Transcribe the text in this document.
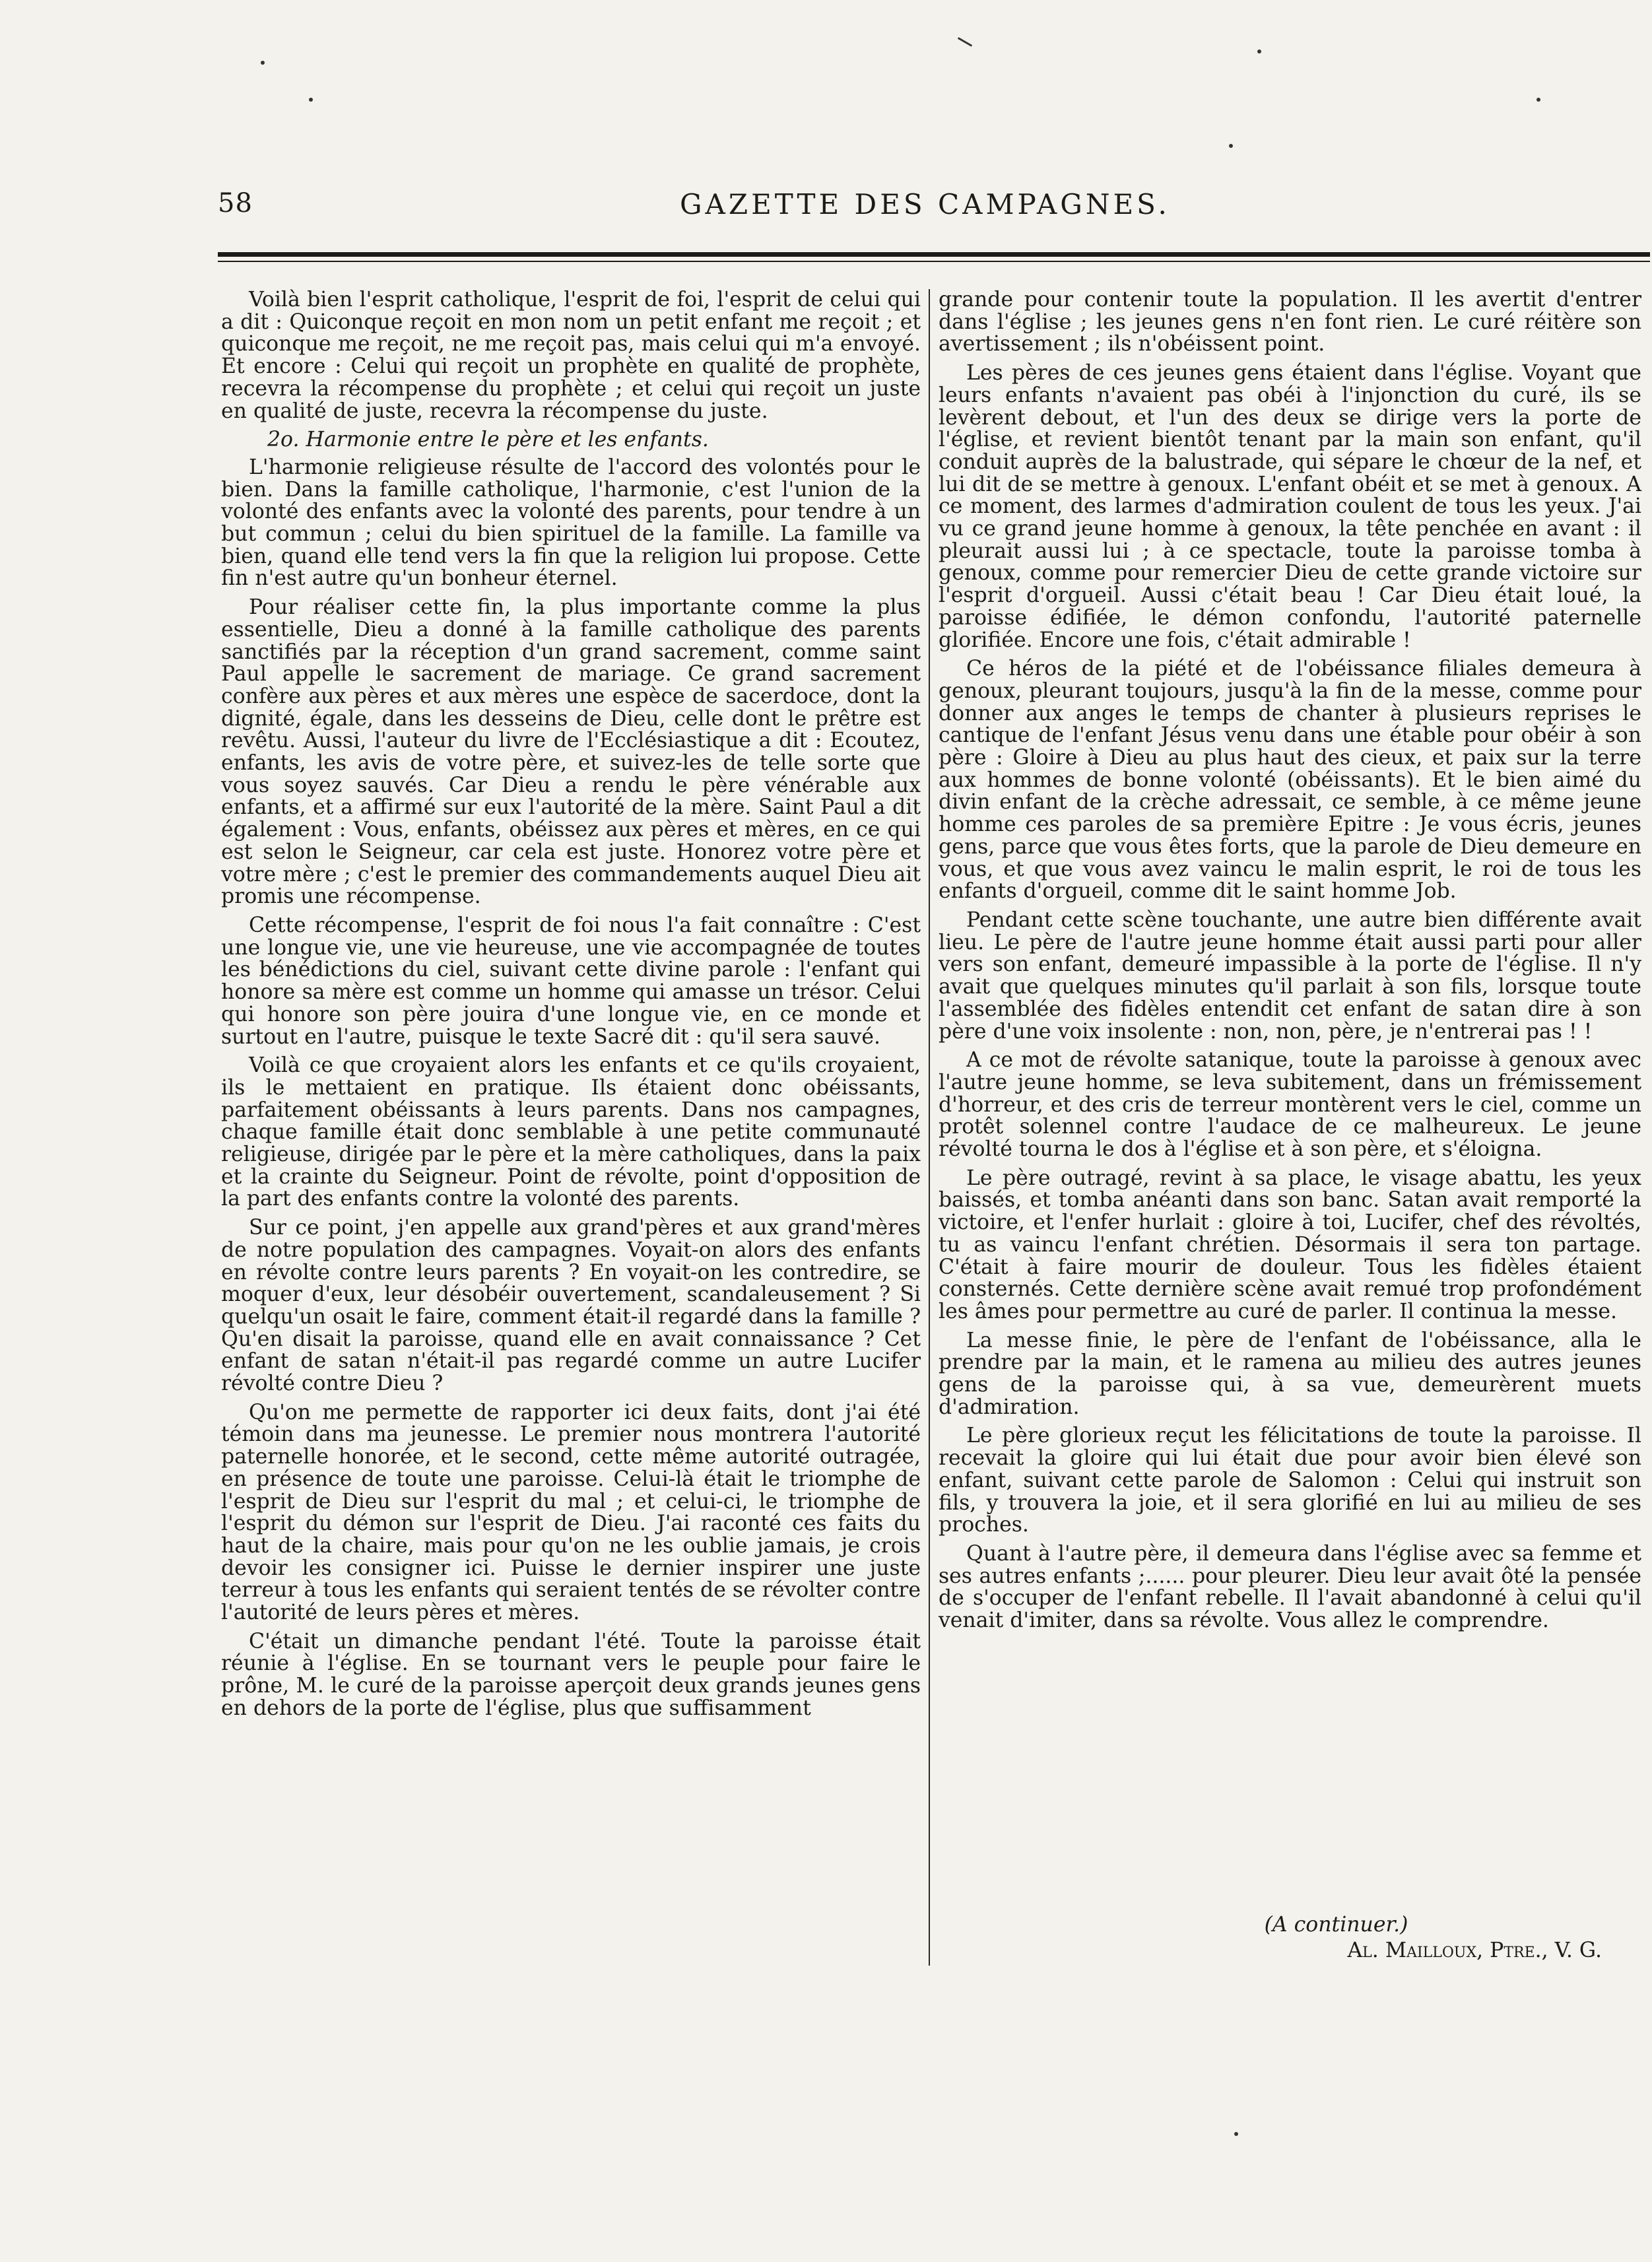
58	GAZETTE DES CAMPAGNES.

Voilà bien l'esprit catholique, l'esprit de foi, l'esprit de celui qui a dit : Quiconque reçoit en mon nom un petit enfant me reçoit ; et quiconque me reçoit, ne me reçoit pas, mais celui qui m'a envoyé. Et encore : Celui qui reçoit un prophète en qualité de prophète, recevra la récompense du prophète ; et celui qui reçoit un juste en qualité de juste, recevra la récompense du juste.

2o. Harmonie entre le père et les enfants.

L'harmonie religieuse résulte de l'accord des volontés pour le bien. Dans la famille catholique, l'harmonie, c'est l'union de la volonté des enfants avec la volonté des parents, pour tendre à un but commun ; celui du bien spirituel de la famille. La famille va bien, quand elle tend vers la fin que la religion lui propose. Cette fin n'est autre qu'un bonheur éternel.

Pour réaliser cette fin, la plus importante comme la plus essentielle, Dieu a donné à la famille catholique des parents sanctifiés par la réception d'un grand sacrement, comme saint Paul appelle le sacrement de mariage. Ce grand sacrement confère aux pères et aux mères une espèce de sacerdoce, dont la dignité, égale, dans les desseins de Dieu, celle dont le prêtre est revêtu. Aussi, l'auteur du livre de l'Ecclésiastique a dit : Ecoutez, enfants, les avis de votre père, et suivez-les de telle sorte que vous soyez sauvés. Car Dieu a rendu le père vénérable aux enfants, et a affirmé sur eux l'autorité de la mère. Saint Paul a dit également : Vous, enfants, obéissez aux pères et mères, en ce qui est selon le Seigneur, car cela est juste. Honorez votre père et votre mère ; c'est le premier des commandements auquel Dieu ait promis une récompense.

Cette récompense, l'esprit de foi nous l'a fait connaître : C'est une longue vie, une vie heureuse, une vie accompagnée de toutes les bénédictions du ciel, suivant cette divine parole : l'enfant qui honore sa mère est comme un homme qui amasse un trésor. Celui qui honore son père jouira d'une longue vie, en ce monde et surtout en l'autre, puisque le texte Sacré dit : qu'il sera sauvé.

Voilà ce que croyaient alors les enfants et ce qu'ils croyaient, ils le mettaient en pratique. Ils étaient donc obéissants, parfaitement obéissants à leurs parents. Dans nos campagnes, chaque famille était donc semblable à une petite communauté religieuse, dirigée par le père et la mère catholiques, dans la paix et la crainte du Seigneur. Point de révolte, point d'opposition de la part des enfants contre la volonté des parents.

Sur ce point, j'en appelle aux grand'pères et aux grand'mères de notre population des campagnes. Voyait-on alors des enfants en révolte contre leurs parents ? En voyait-on les contredire, se moquer d'eux, leur désobéir ouvertement, scandaleusement ? Si quelqu'un osait le faire, comment était-il regardé dans la famille ? Qu'en disait la paroisse, quand elle en avait connaissance ? Cet enfant de satan n'était-il pas regardé comme un autre Lucifer révolté contre Dieu ?

Qu'on me permette de rapporter ici deux faits, dont j'ai été témoin dans ma jeunesse. Le premier nous montrera l'autorité paternelle honorée, et le second, cette même autorité outragée, en présence de toute une paroisse. Celui-là était le triomphe de l'esprit de Dieu sur l'esprit du mal ; et celui-ci, le triomphe de l'esprit du démon sur l'esprit de Dieu. J'ai raconté ces faits du haut de la chaire, mais pour qu'on ne les oublie jamais, je crois devoir les consigner ici. Puisse le dernier inspirer une juste terreur à tous les enfants qui seraient tentés de se révolter contre l'autorité de leurs pères et mères.

C'était un dimanche pendant l'été. Toute la paroisse était réunie à l'église. En se tournant vers le peuple pour faire le prône, M. le curé de la paroisse aperçoit deux grands jeunes gens en dehors de la porte de l'église, plus que suffisamment

grande pour contenir toute la population. Il les avertit d'entrer dans l'église ; les jeunes gens n'en font rien. Le curé réitère son avertissement ; ils n'obéissent point.

Les pères de ces jeunes gens étaient dans l'église. Voyant que leurs enfants n'avaient pas obéi à l'injonction du curé, ils se levèrent debout, et l'un des deux se dirige vers la porte de l'église, et revient bientôt tenant par la main son enfant, qu'il conduit auprès de la balustrade, qui sépare le chœur de la nef, et lui dit de se mettre à genoux. L'enfant obéit et se met à genoux. A ce moment, des larmes d'admiration coulent de tous les yeux. J'ai vu ce grand jeune homme à genoux, la tête penchée en avant : il pleurait aussi lui ; à ce spectacle, toute la paroisse tomba à genoux, comme pour remercier Dieu de cette grande victoire sur l'esprit d'orgueil. Aussi c'était beau ! Car Dieu était loué, la paroisse édifiée, le démon confondu, l'autorité paternelle glorifiée. Encore une fois, c'était admirable !

Ce héros de la piété et de l'obéissance filiales demeura à genoux, pleurant toujours, jusqu'à la fin de la messe, comme pour donner aux anges le temps de chanter à plusieurs reprises le cantique de l'enfant Jésus venu dans une étable pour obéir à son père : Gloire à Dieu au plus haut des cieux, et paix sur la terre aux hommes de bonne volonté (obéissants). Et le bien aimé du divin enfant de la crèche adressait, ce semble, à ce même jeune homme ces paroles de sa première Epitre : Je vous écris, jeunes gens, parce que vous êtes forts, que la parole de Dieu demeure en vous, et que vous avez vaincu le malin esprit, le roi de tous les enfants d'orgueil, comme dit le saint homme Job.

Pendant cette scène touchante, une autre bien différente avait lieu. Le père de l'autre jeune homme était aussi parti pour aller vers son enfant, demeuré impassible à la porte de l'église. Il n'y avait que quelques minutes qu'il parlait à son fils, lorsque toute l'assemblée des fidèles entendit cet enfant de satan dire à son père d'une voix insolente : non, non, père, je n'entrerai pas ! !

A ce mot de révolte satanique, toute la paroisse à genoux avec l'autre jeune homme, se leva subitement, dans un frémissement d'horreur, et des cris de terreur montèrent vers le ciel, comme un protêt solennel contre l'audace de ce malheureux. Le jeune révolté tourna le dos à l'église et à son père, et s'éloigna.

Le père outragé, revint à sa place, le visage abattu, les yeux baissés, et tomba anéanti dans son banc. Satan avait remporté la victoire, et l'enfer hurlait : gloire à toi, Lucifer, chef des révoltés, tu as vaincu l'enfant chrétien. Désormais il sera ton partage. C'était à faire mourir de douleur. Tous les fidèles étaient consternés. Cette dernière scène avait remué trop profondément les âmes pour permettre au curé de parler. Il continua la messe.

La messe finie, le père de l'enfant de l'obéissance, alla le prendre par la main, et le ramena au milieu des autres jeunes gens de la paroisse qui, à sa vue, demeurèrent muets d'admiration.

Le père glorieux reçut les félicitations de toute la paroisse. Il recevait la gloire qui lui était due pour avoir bien élevé son enfant, suivant cette parole de Salomon : Celui qui instruit son fils, y trouvera la joie, et il sera glorifié en lui au milieu de ses proches.

Quant à l'autre père, il demeura dans l'église avec sa femme et ses autres enfants ;...... pour pleurer. Dieu leur avait ôté la pensée de s'occuper de l'enfant rebelle. Il l'avait abandonné à celui qu'il venait d'imiter, dans sa révolte. Vous allez le comprendre.

(A continuer.)
Al. Mailloux, Ptre., V. G.
